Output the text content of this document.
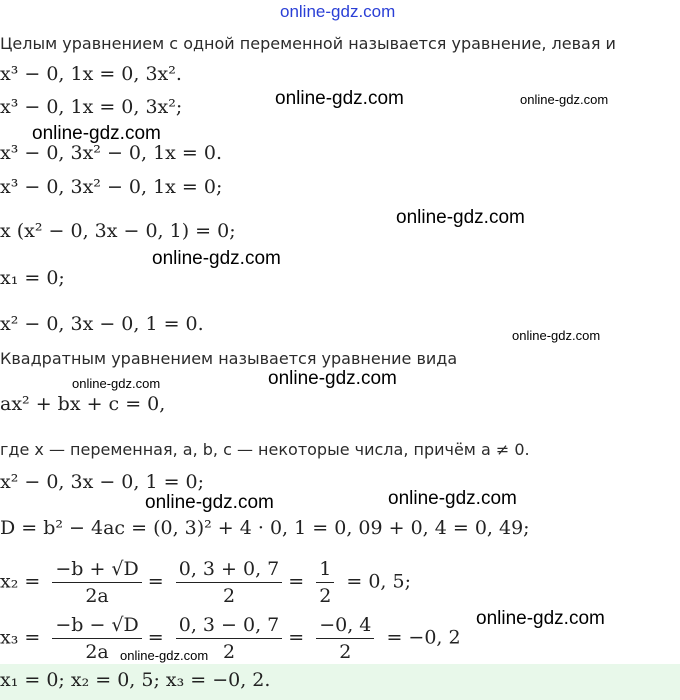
online-gdz.com
Целым уравнением с одной переменной называется уравнение, левая и
x³ − 0, 1x = 0, 3x².
x³ − 0, 1x = 0, 3x²;
x³ − 0, 3x² − 0, 1x = 0.
x³ − 0, 3x² − 0, 1x = 0;
x (x² − 0, 3x − 0, 1) = 0;
x₁ = 0;
x² − 0, 3x − 0, 1 = 0.
Квадратным уравнением называется уравнение вида
ax² + bx + c = 0,
где x — переменная, a, b, c — некоторые числа, причём a ≠ 0.
x² − 0, 3x − 0, 1 = 0;
D = b² − 4ac = (0, 3)² + 4 · 0, 1 = 0, 09 + 0, 4 = 0, 49;
$x_2 = \frac{-b + √D}{2a} = \frac{0, 3 + 0, 7}{2} = \frac{1}{2} = 0$, 5;
$x_3 = \frac{-b - √D}{2a} = \frac{0, 3 - 0, 7}{2} = \frac{-0, 4}{2} = -0$, 2
x₁ = 0; x₂ = 0, 5; x₃ = −0, 2.
online-gdz.com	online-gdz.com
online-gdz.com
online-gdz.com
online-gdz.com
online-gdz.com
online-gdz.com
online-gdz.com
online-gdz.com
online-gdz.com
online-gdz.com
online-gdz.com
